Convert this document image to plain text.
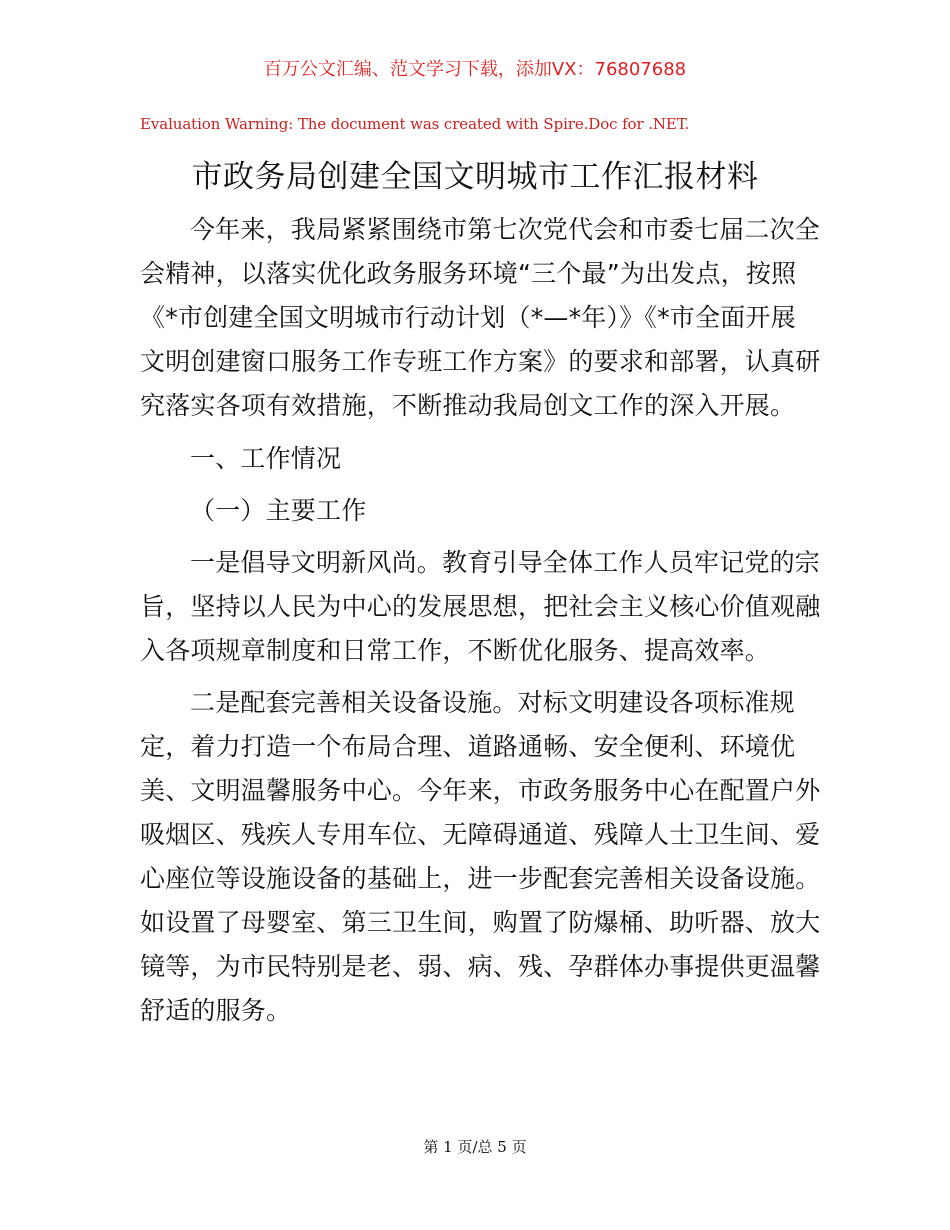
百万公文汇编、范文学习下载，添加VX：76807688
Evaluation Warning: The document was created with Spire.Doc for .NET.
市政务局创建全国文明城市工作汇报材料
今年来，我局紧紧围绕市第七次党代会和市委七届二次全
会精神，以落实优化政务服务环境“三个最”为出发点，按照
《*市创建全国文明城市行动计划（*—*年）》《*市全面开展
文明创建窗口服务工作专班工作方案》的要求和部署，认真研
究落实各项有效措施，不断推动我局创文工作的深入开展。
一、工作情况
（一）主要工作
一是倡导文明新风尚。教育引导全体工作人员牢记党的宗
旨，坚持以人民为中心的发展思想，把社会主义核心价值观融
入各项规章制度和日常工作，不断优化服务、提高效率。
二是配套完善相关设备设施。对标文明建设各项标准规
定，着力打造一个布局合理、道路通畅、安全便利、环境优
美、文明温馨服务中心。今年来，市政务服务中心在配置户外
吸烟区、残疾人专用车位、无障碍通道、残障人士卫生间、爱
心座位等设施设备的基础上，进一步配套完善相关设备设施。
如设置了母婴室、第三卫生间，购置了防爆桶、助听器、放大
镜等，为市民特别是老、弱、病、残、孕群体办事提供更温馨
舒适的服务。
第 1 页/总 5 页
